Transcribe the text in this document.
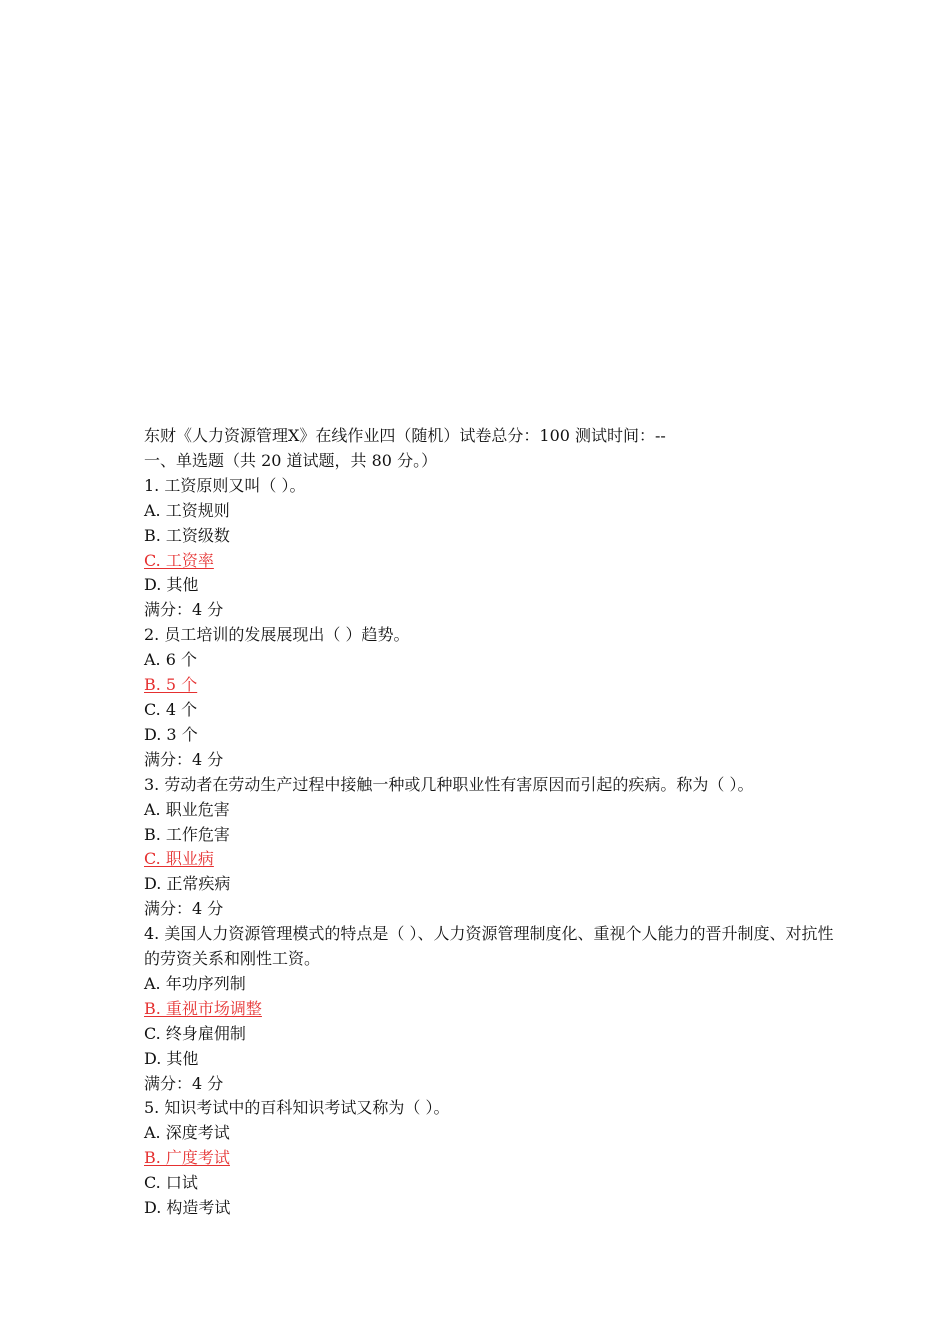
东财《人力资源管理X》在线作业四（随机）试卷总分：100 测试时间：--
一、单选题（共 20 道试题，共 80 分。）
1. 工资原则又叫（ ）。
A. 工资规则
B. 工资级数
C. 工资率
D. 其他
满分：4 分
2. 员工培训的发展展现出（ ）趋势。
A. 6 个
B. 5 个
C. 4 个
D. 3 个
满分：4 分
3. 劳动者在劳动生产过程中接触一种或几种职业性有害原因而引起的疾病。称为（ ）。
A. 职业危害
B. 工作危害
C. 职业病
D. 正常疾病
满分：4 分
4. 美国人力资源管理模式的特点是（ ）、人力资源管理制度化、重视个人能力的晋升制度、对抗性的劳资关系和刚性工资。
A. 年功序列制
B. 重视市场调整
C. 终身雇佣制
D. 其他
满分：4 分
5. 知识考试中的百科知识考试又称为（ ）。
A. 深度考试
B. 广度考试
C. 口试
D. 构造考试
